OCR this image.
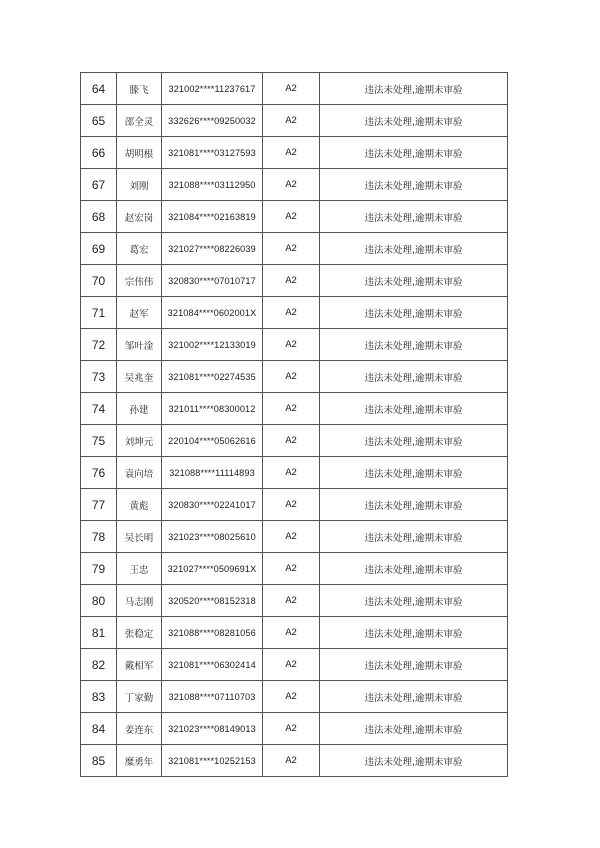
64	滕飞	321002****11237617	A2	违法未处理,逾期未审验
65	邵全灵	332626****09250032	A2	违法未处理,逾期未审验
66	胡明根	321081****03127593	A2	违法未处理,逾期未审验
67	刘刚	321088****03112950	A2	违法未处理,逾期未审验
68	赵宏岗	321084****02163819	A2	违法未处理,逾期未审验
69	葛宏	321027****08226039	A2	违法未处理,逾期未审验
70	宗伟伟	320830****07010717	A2	违法未处理,逾期未审验
71	赵军	321084****0602001X	A2	违法未处理,逾期未审验
72	邹叶淦	321002****12133019	A2	违法未处理,逾期未审验
73	吴兆奎	321081****02274535	A2	违法未处理,逾期未审验
74	孙建	321011****08300012	A2	违法未处理,逾期未审验
75	刘坤元	220104****05062616	A2	违法未处理,逾期未审验
76	袁向培	321088****11114893	A2	违法未处理,逾期未审验
77	黄彪	320830****02241017	A2	违法未处理,逾期未审验
78	吴长明	321023****08025610	A2	违法未处理,逾期未审验
79	王忠	321027****0509691X	A2	违法未处理,逾期未审验
80	马志刚	320520****08152318	A2	违法未处理,逾期未审验
81	张稳定	321088****08281056	A2	违法未处理,逾期未审验
82	戴相军	321081****06302414	A2	违法未处理,逾期未审验
83	丁家勤	321088****07110703	A2	违法未处理,逾期未审验
84	姜连东	321023****08149013	A2	违法未处理,逾期未审验
85	糜勇年	321081****10252153	A2	违法未处理,逾期未审验
